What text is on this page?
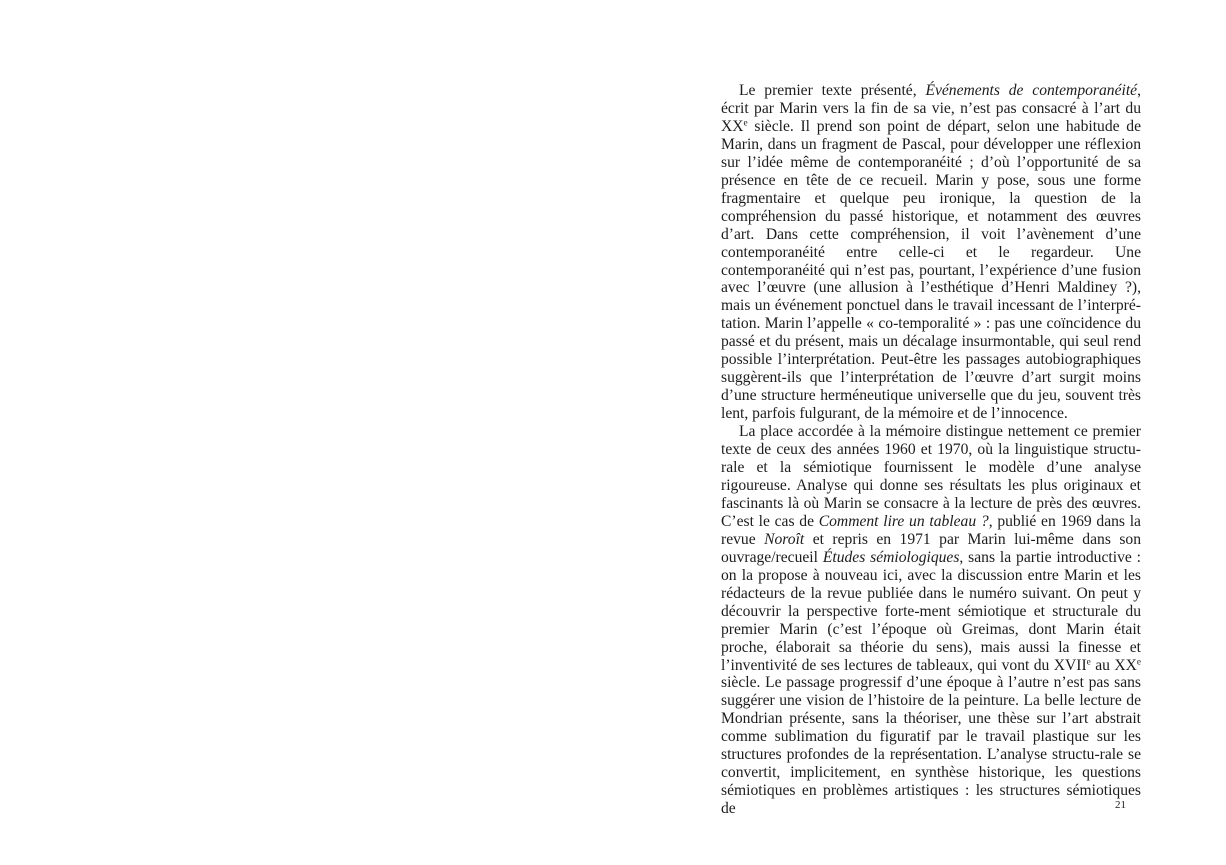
Le premier texte présenté, Événements de contemporanéité, écrit par Marin vers la fin de sa vie, n’est pas consacré à l’art du XXe siècle. Il prend son point de départ, selon une habitude de Marin, dans un fragment de Pascal, pour développer une réflexion sur l’idée même de contemporanéité ; d’où l’opportunité de sa présence en tête de ce recueil. Marin y pose, sous une forme fragmentaire et quelque peu ironique, la question de la compréhension du passé historique, et notamment des œuvres d’art. Dans cette compréhension, il voit l’avènement d’une contemporanéité entre celle-ci et le regardeur. Une contemporanéité qui n’est pas, pourtant, l’expérience d’une fusion avec l’œuvre (une allusion à l’esthétique d’Henri Maldiney ?), mais un événement ponctuel dans le travail incessant de l’interpré-tation. Marin l’appelle « co-temporalité » : pas une coïncidence du passé et du présent, mais un décalage insurmontable, qui seul rend possible l’interprétation. Peut-être les passages autobiographiques suggèrent-ils que l’interprétation de l’œuvre d’art surgit moins d’une structure herméneutique universelle que du jeu, souvent très lent, parfois fulgurant, de la mémoire et de l’innocence.

La place accordée à la mémoire distingue nettement ce premier texte de ceux des années 1960 et 1970, où la linguistique structu-rale et la sémiotique fournissent le modèle d’une analyse rigoureuse. Analyse qui donne ses résultats les plus originaux et fascinants là où Marin se consacre à la lecture de près des œuvres. C’est le cas de Comment lire un tableau ?, publié en 1969 dans la revue Noroît et repris en 1971 par Marin lui-même dans son ouvrage/recueil Études sémiologiques, sans la partie introductive : on la propose à nouveau ici, avec la discussion entre Marin et les rédacteurs de la revue publiée dans le numéro suivant. On peut y découvrir la perspective forte-ment sémiotique et structurale du premier Marin (c’est l’époque où Greimas, dont Marin était proche, élaborait sa théorie du sens), mais aussi la finesse et l’inventivité de ses lectures de tableaux, qui vont du XVIIe au XXe siècle. Le passage progressif d’une époque à l’autre n’est pas sans suggérer une vision de l’histoire de la peinture. La belle lecture de Mondrian présente, sans la théoriser, une thèse sur l’art abstrait comme sublimation du figuratif par le travail plastique sur les structures profondes de la représentation. L’analyse structu-rale se convertit, implicitement, en synthèse historique, les questions sémiotiques en problèmes artistiques : les structures sémiotiques de	21
